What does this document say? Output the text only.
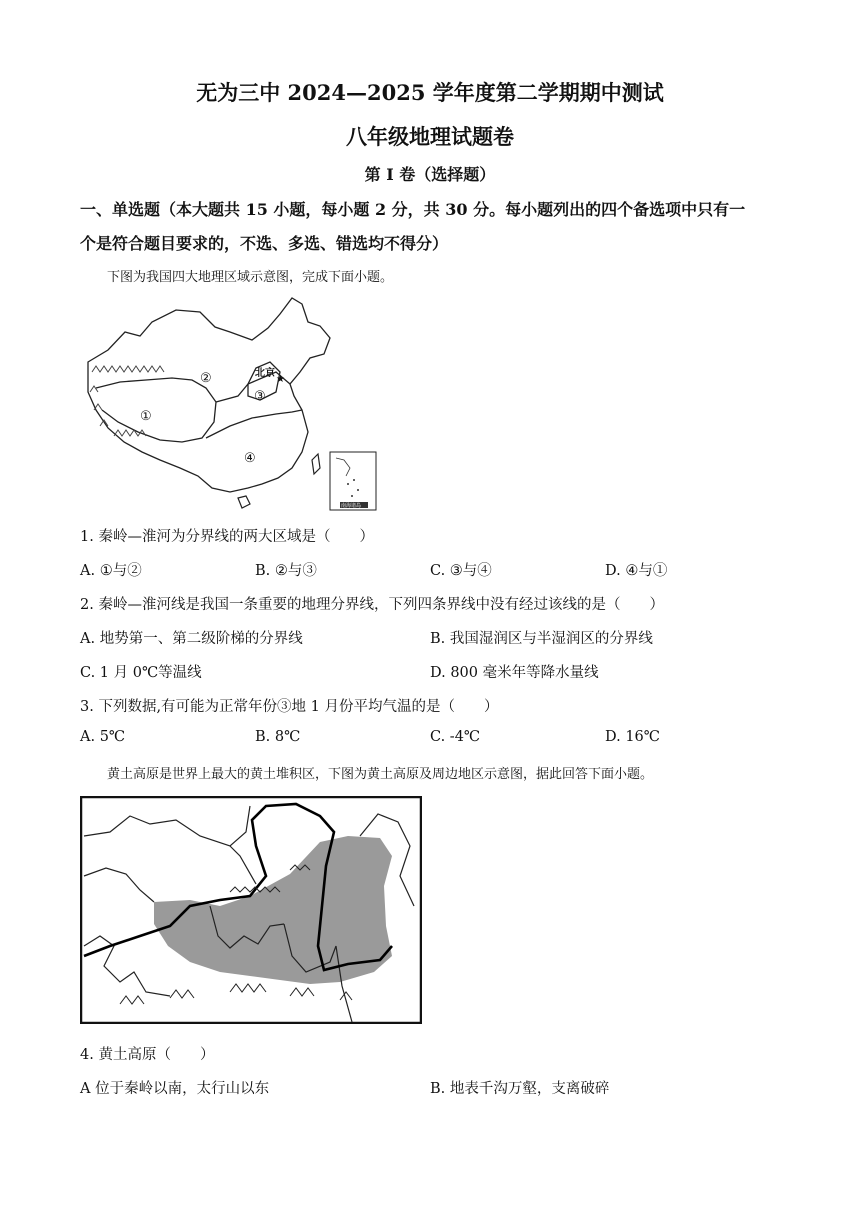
无为三中 2024—2025 学年度第二学期期中测试
八年级地理试题卷
第 I 卷（选择题）
一、单选题（本大题共 15 小题，每小题 2 分，共 30 分。每小题列出的四个备选项中只有一
个是符合题目要求的，不选、多选、错选均不得分）
下图为我国四大地理区域示意图，完成下面小题。
①
②
③
④
北京
★
南海诸岛
1. 秦岭—淮河为分界线的两大区域是（　　）
A. ①与②	B. ②与③	C. ③与④	D. ④与①
2. 秦岭—淮河线是我国一条重要的地理分界线，下列四条界线中没有经过该线的是（　　）
A. 地势第一、第二级阶梯的分界线	B. 我国湿润区与半湿润区的分界线
C. 1 月 0℃等温线	D. 800 毫米年等降水量线
3. 下列数据,有可能为正常年份③地 1 月份平均气温的是（　　）
A. 5℃	B. 8℃	C. -4℃	D. 16℃
黄土高原是世界上最大的黄土堆积区，下图为黄土高原及周边地区示意图，据此回答下面小题。
4. 黄土高原（　　）
A 位于秦岭以南，太行山以东	B. 地表千沟万壑，支离破碎
